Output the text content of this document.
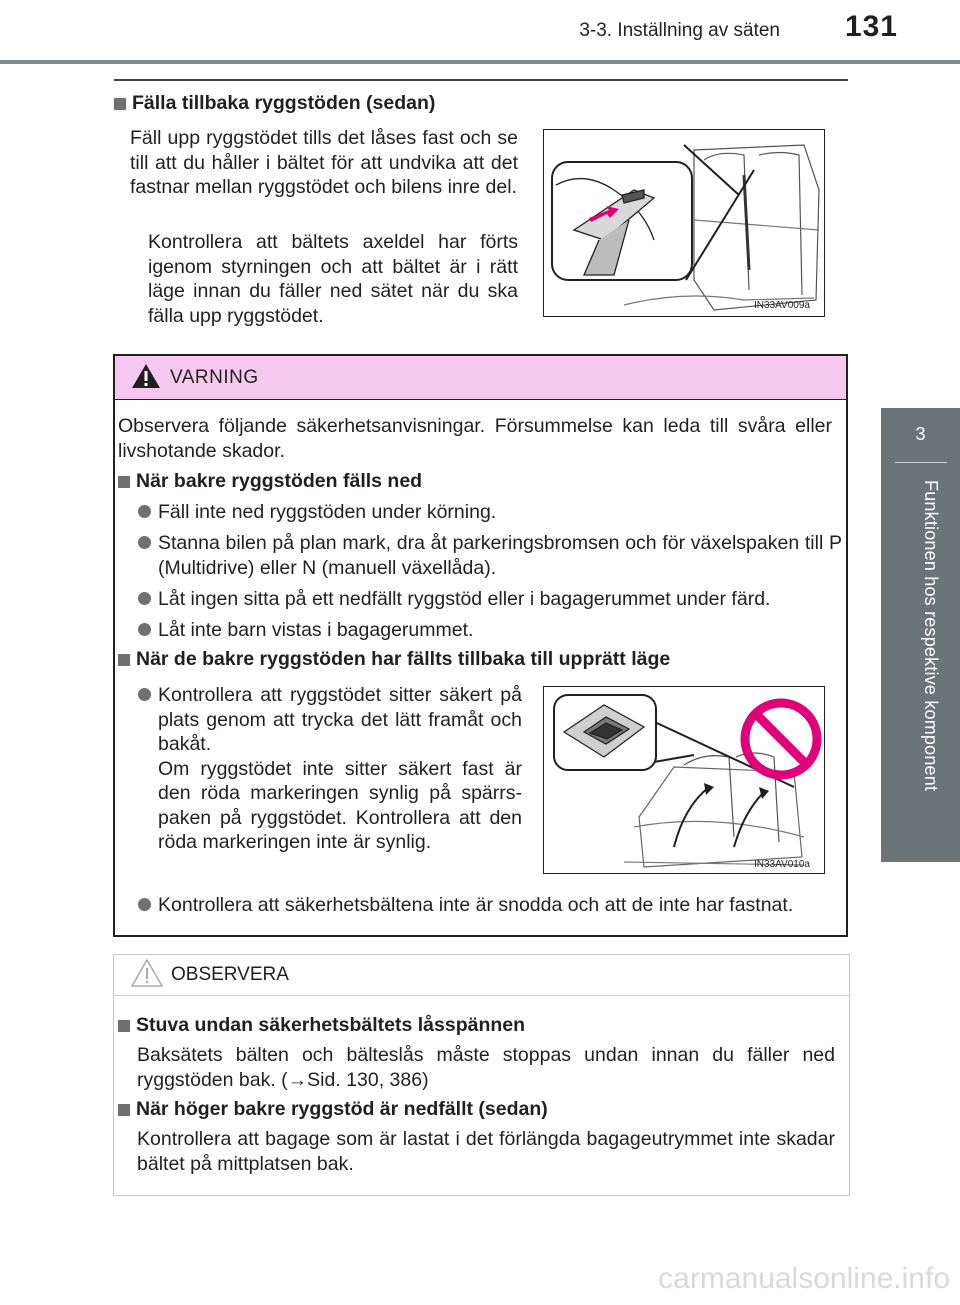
3-3. Inställning av säten	131
3
Funktionen hos respektive komponent
Fälla tillbaka ryggstöden (sedan)
Fäll upp ryggstödet tills det låses fast och se till att du håller i bältet för att undvika att det fastnar mellan ryggstödet och bilens inre del.
Kontrollera att bältets axeldel har förts igenom styrningen och att bältet är i rätt läge innan du fäller ned sätet när du ska fälla upp ryggstödet.	IN33AV009a
VARNING
Observera följande säkerhetsanvisningar. Försummelse kan leda till svåra eller livshotande skador.
När bakre ryggstöden fälls ned
Fäll inte ned ryggstöden under körning.
Stanna bilen på plan mark, dra åt parkeringsbromsen och för växelspaken till P (Multidrive) eller N (manuell växellåda).
Låt ingen sitta på ett nedfällt ryggstöd eller i bagagerummet under färd.
Låt inte barn vistas i bagagerummet.
När de bakre ryggstöden har fällts tillbaka till upprätt läge
Kontrollera att ryggstödet sitter säkert på plats genom att trycka det lätt framåt och bakåt.
Om ryggstödet inte sitter säkert fast är den röda markeringen synlig på spärrs-paken på ryggstödet. Kontrollera att den röda markeringen inte är synlig.
IN33AV010a
Kontrollera att säkerhetsbältena inte är snodda och att de inte har fastnat.
OBSERVERA
Stuva undan säkerhetsbältets låsspännen
Baksätets bälten och bälteslås måste stoppas undan innan du fäller ned ryggstöden bak. (→Sid. 130, 386)
När höger bakre ryggstöd är nedfällt (sedan)
Kontrollera att bagage som är lastat i det förlängda bagageutrymmet inte skadar bältet på mittplatsen bak.
carmanualsonline.info
